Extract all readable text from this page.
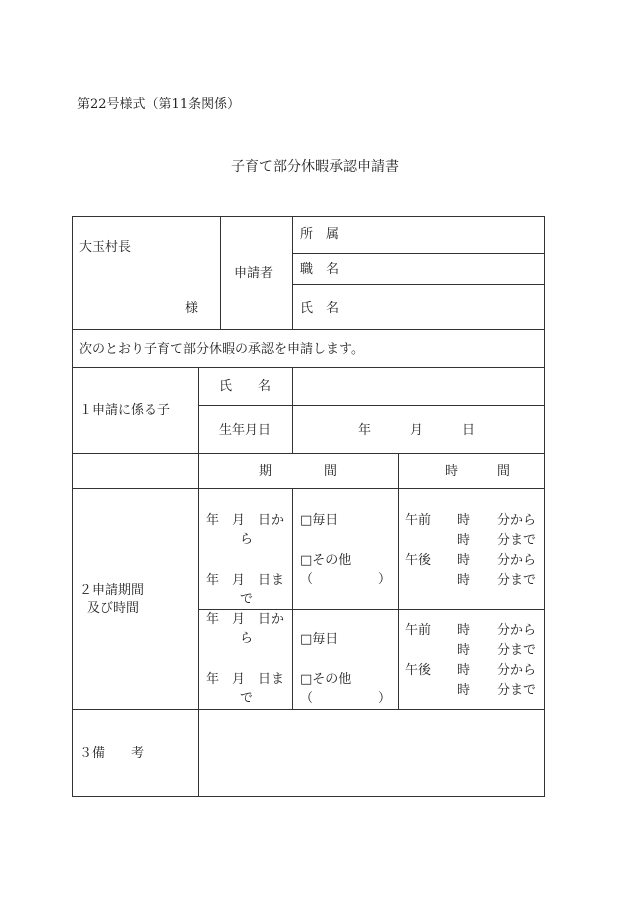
第22号様式（第11条関係）
子育て部分休暇承認申請書
大玉村長
様
申請者
所　属
職　名
氏　名
次のとおり子育て部分休暇の承認を申請します。
１申請に係る子
氏　　名
生年月日	年　　　月　　　日
期　　　　間	時　　　間
２申請期間
及び時間
年　月　日か
ら
年　月　日ま
で
□毎日
□その他
（　　　　　）
午前 時 分から
時 分まで
午後 時 分から
時 分まで
年　月　日か
ら
年　月　日ま
で
□毎日
□その他
（　　　　　）
午前 時 分から
時 分まで
午後 時 分から
時 分まで
３備　　考
